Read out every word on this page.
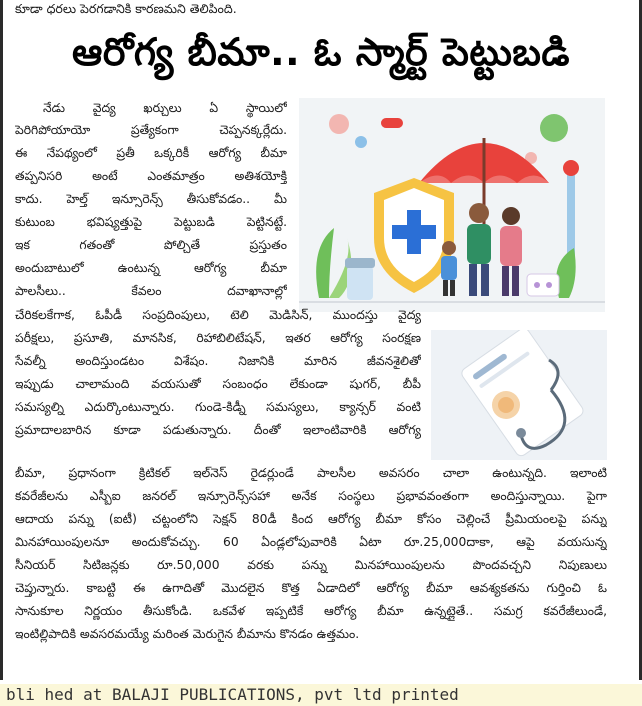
కూడా ధరలు పెరగడానికి కారణమని తెలిపింది.
ఆరోగ్య బీమా.. ఓ స్మార్ట్ పెట్టుబడి
నేడు వైద్య ఖర్చులు ఏ స్థాయిలో
పెరిగిపోయాయో ప్రత్యేకంగా చెప్పనక్కర్లేదు.
ఈ నేపథ్యంలో ప్రతీ ఒక్కరికీ ఆరోగ్య బీమా
తప్పనిసరి అంటే ఎంతమాత్రం అతిశయోక్తి
కాదు. హెల్త్ ఇన్సూరెన్స్ తీసుకోవడం.. మీ
కుటుంబ భవిష్యత్తుపై పెట్టుబడి పెట్టినట్టే.
ఇక గతంతో పోల్చితే ప్రస్తుతం
అందుబాటులో ఉంటున్న ఆరోగ్య బీమా
పాలసీలు.. కేవలం దవాఖానాల్లో
చేరికలకేగాక, ఓపీడీ సంప్రదింపులు, టెలి మెడిసిన్, ముందస్తు వైద్య
పరీక్షలు, ప్రసూతి, మానసిక, రిహాబిలిటేషన్, ఇతర ఆరోగ్య సంరక్షణ
సేవల్నీ అందిస్తుండటం విశేషం. నిజానికి మారిన జీవనశైలితో
ఇప్పుడు చాలామంది వయసుతో సంబంధం లేకుండా షుగర్, బీపీ
సమస్యల్ని ఎదుర్కొంటున్నారు. గుండె-కిడ్నీ సమస్యలు, క్యాన్సర్ వంటి
ప్రమాదాలబారిన కూడా పడుతున్నారు. దీంతో ఇలాంటివారికి ఆరోగ్య
బీమా, ప్రధానంగా క్రిటికల్ ఇల్‌నెస్ రైడర్లుండే పాలసీల అవసరం చాలా ఉంటున్నది. ఇలాంటి
కవరేజీలను ఎస్బీఐ జనరల్ ఇన్సూరెన్స్‌సహా అనేక సంస్థలు ప్రభావవంతంగా అందిస్తున్నాయి. పైగా
ఆదాయ పన్ను (ఐటీ) చట్టంలోని సెక్షన్ 80డీ కింద ఆరోగ్య బీమా కోసం చెల్లించే ప్రీమియంలపై పన్ను
మినహాయింపులనూ అందుకోవచ్చు. 60 ఏండ్లలోపువారికి ఏటా రూ.25,000దాకా, ఆపై వయసున్న
సీనియర్ సిటిజన్లకు రూ.50,000 వరకు పన్ను మినహాయింపులను పొందవచ్చని నిపుణులు
చెప్తున్నారు. కాబట్టి ఈ ఉగాదితో మొదలైన కొత్త ఏడాదిలో ఆరోగ్య బీమా ఆవశ్యకతను గుర్తించి ఓ
సానుకూల నిర్ణయం తీసుకోండి. ఒకవేళ ఇప్పటికే ఆరోగ్య బీమా ఉన్నట్లైతే.. సమగ్ర కవరేజీలుండే,
ఇంటిల్లిపాదికి అవసరమయ్యే మరింత మెరుగైన బీమాను కొనడం ఉత్తమం.
bli hed at BALAJI PUBLICATIONS, pvt ltd printed
